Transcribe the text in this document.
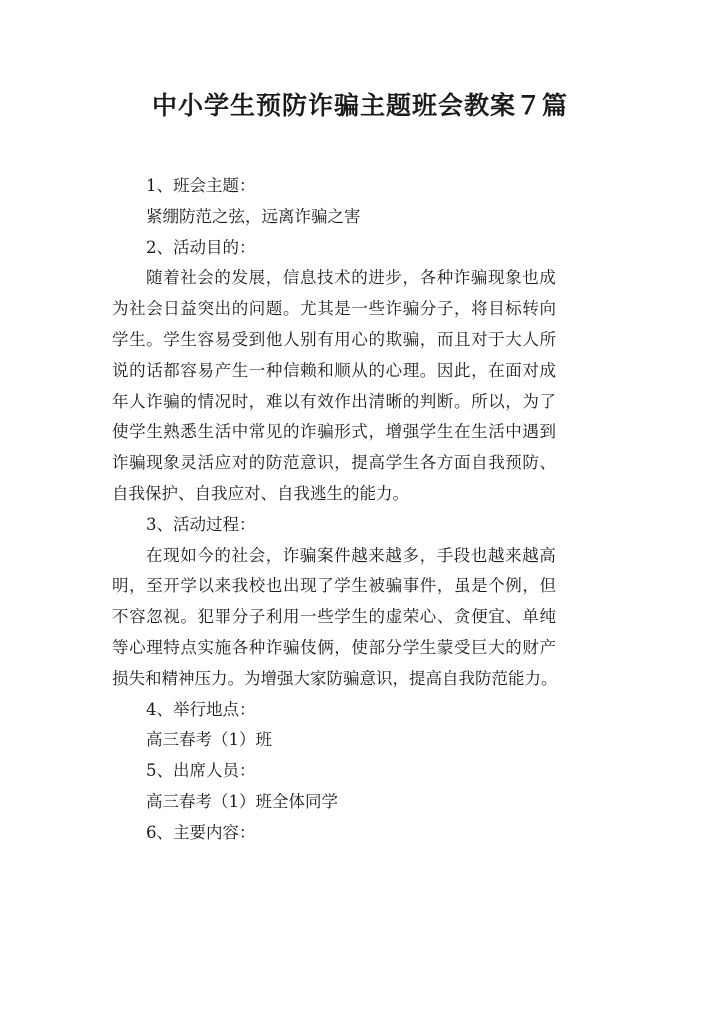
中小学生预防诈骗主题班会教案７篇
1、班会主题：
紧绷防范之弦，远离诈骗之害
2、活动目的：
随着社会的发展，信息技术的进步，各种诈骗现象也成
为社会日益突出的问题。尤其是一些诈骗分子，将目标转向
学生。学生容易受到他人别有用心的欺骗，而且对于大人所
说的话都容易产生一种信赖和顺从的心理。因此，在面对成
年人诈骗的情况时，难以有效作出清晰的判断。所以，为了
使学生熟悉生活中常见的诈骗形式，增强学生在生活中遇到
诈骗现象灵活应对的防范意识，提高学生各方面自我预防、
自我保护、自我应对、自我逃生的能力。
3、活动过程：
在现如今的社会，诈骗案件越来越多，手段也越来越高
明，至开学以来我校也出现了学生被骗事件，虽是个例，但
不容忽视。犯罪分子利用一些学生的虚荣心、贪便宜、单纯
等心理特点实施各种诈骗伎俩，使部分学生蒙受巨大的财产
损失和精神压力。为增强大家防骗意识，提高自我防范能力。
4、举行地点：
高三春考（1）班
5、出席人员：
高三春考（1）班全体同学
6、主要内容：
